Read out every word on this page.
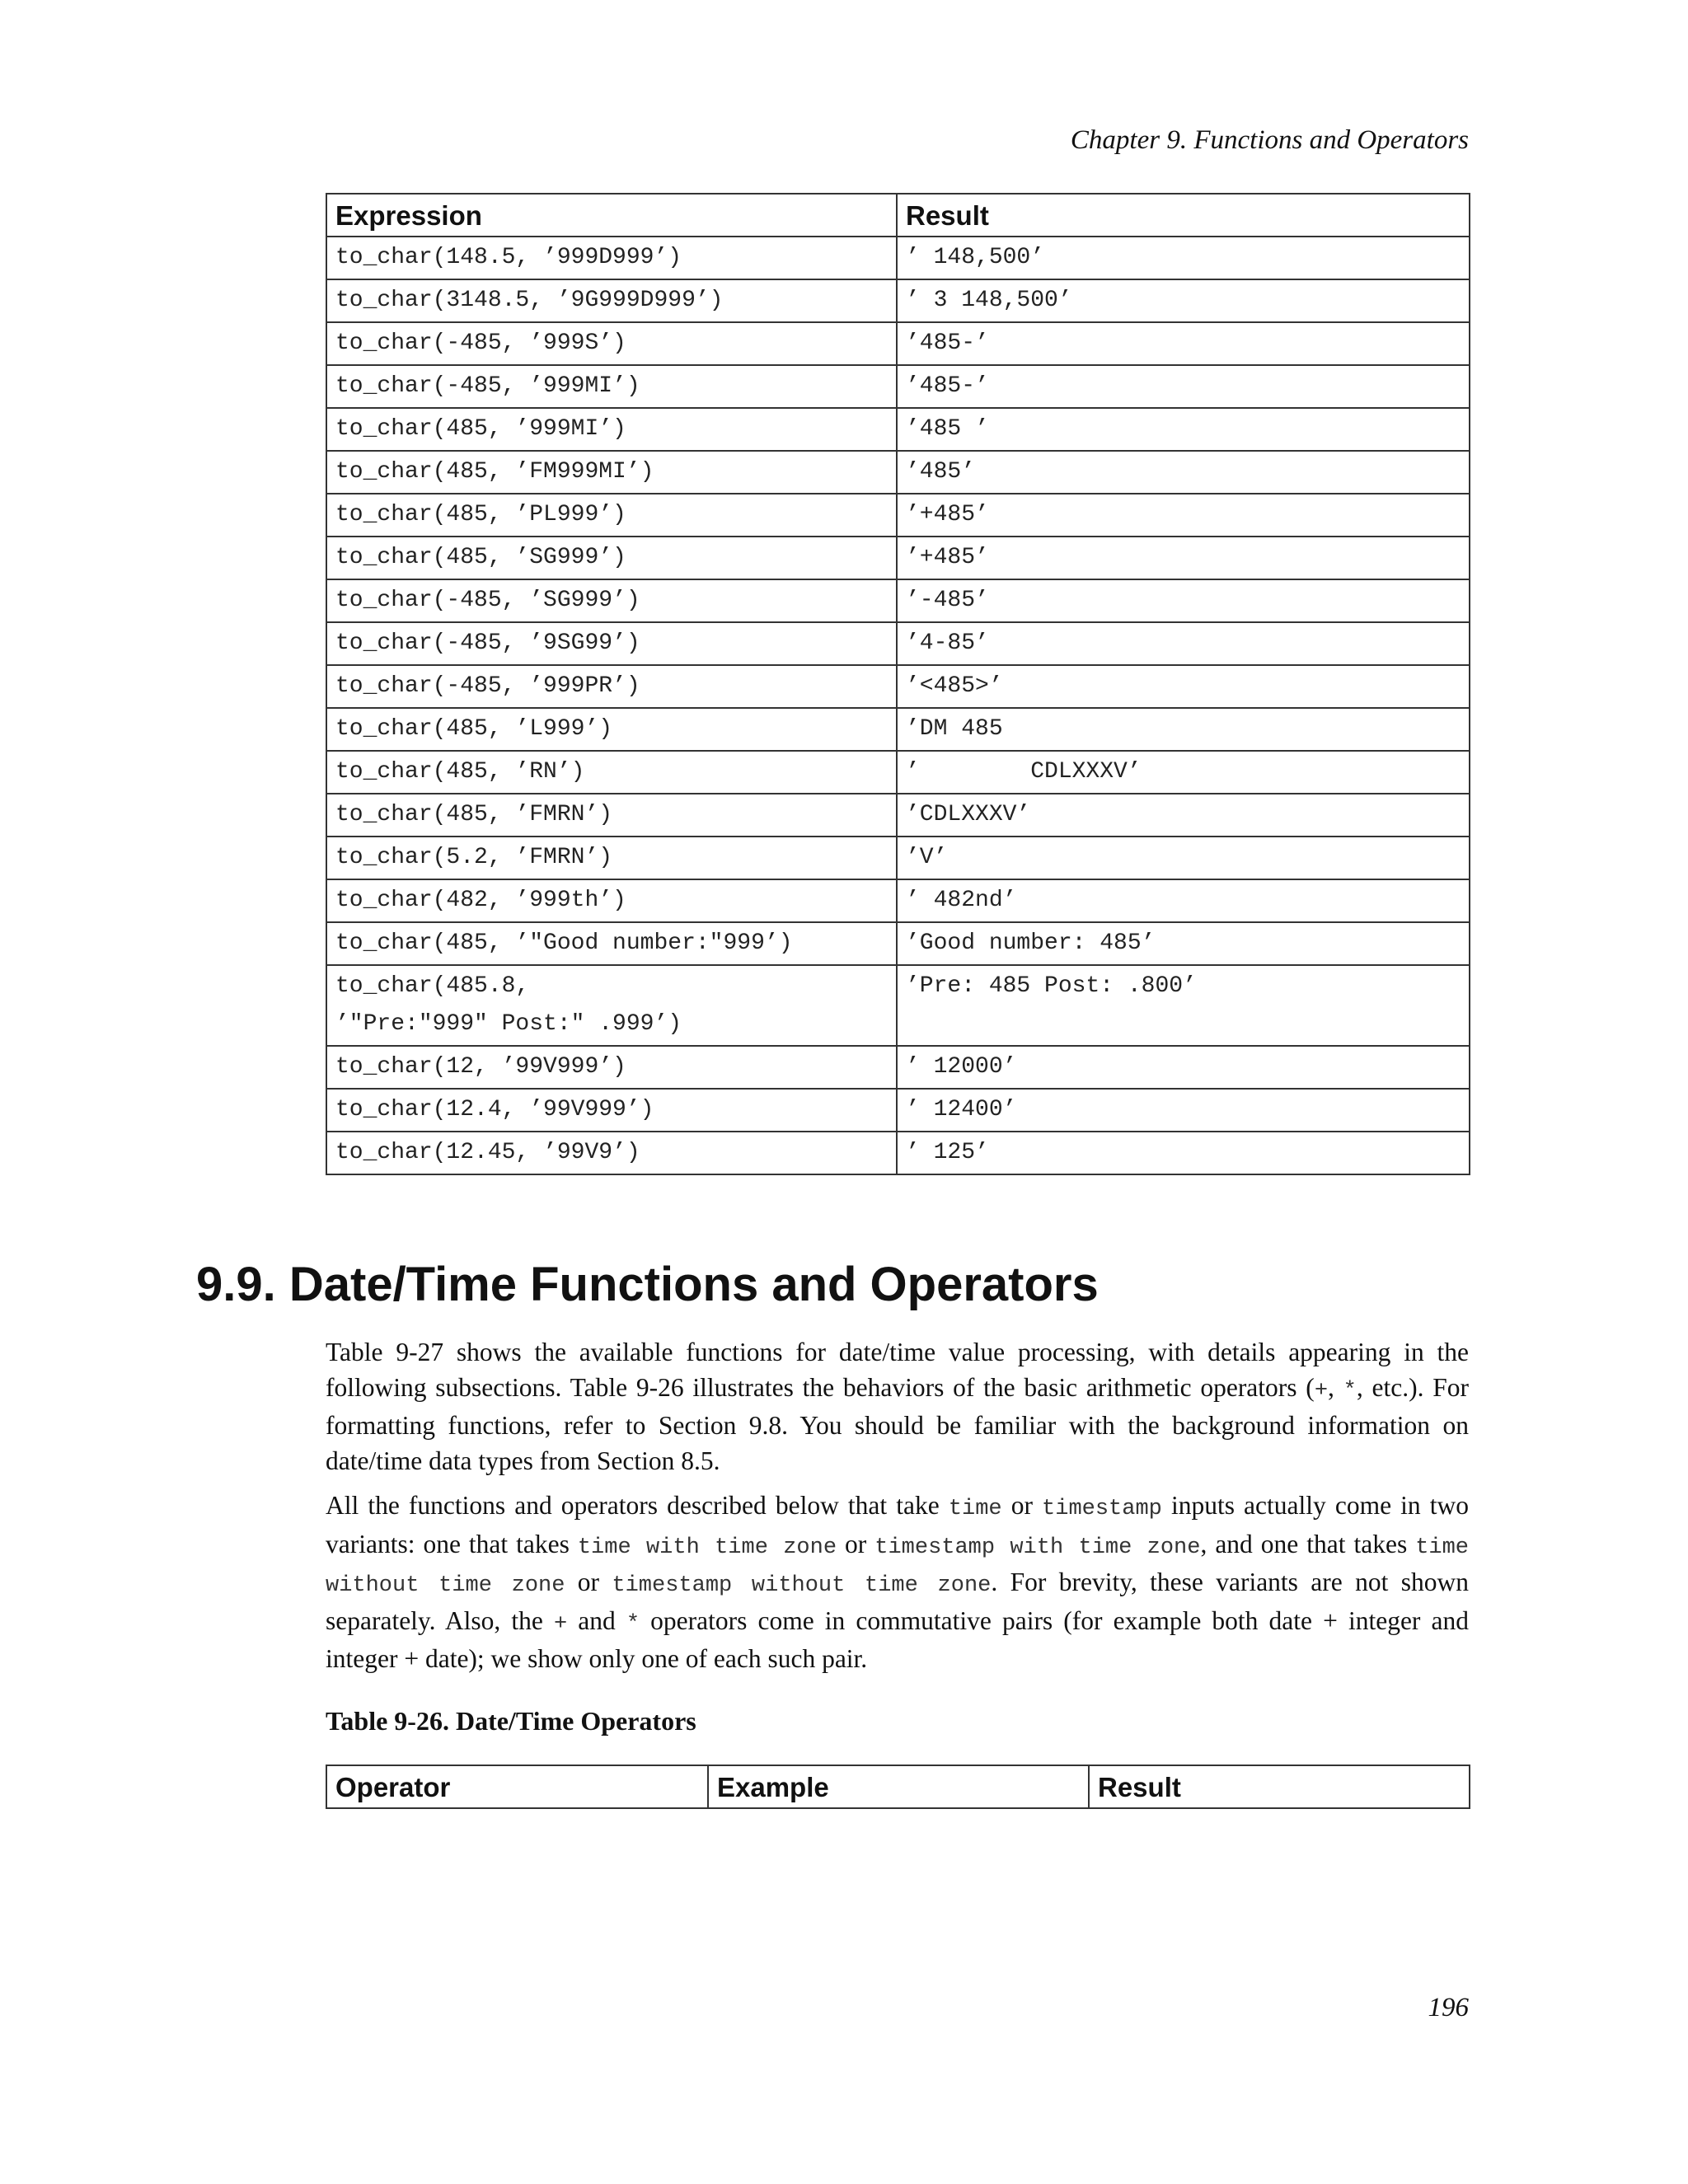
Chapter 9. Functions and Operators
Expression	Result
to_char(148.5, ’999D999’)	’ 148,500’
to_char(3148.5, ’9G999D999’)	’ 3 148,500’
to_char(-485, ’999S’)	’485-’
to_char(-485, ’999MI’)	’485-’
to_char(485, ’999MI’)	’485 ’
to_char(485, ’FM999MI’)	’485’
to_char(485, ’PL999’)	’+485’
to_char(485, ’SG999’)	’+485’
to_char(-485, ’SG999’)	’-485’
to_char(-485, ’9SG99’)	’4-85’
to_char(-485, ’999PR’)	’<485>’
to_char(485, ’L999’)	’DM 485
to_char(485, ’RN’)	’        CDLXXXV’
to_char(485, ’FMRN’)	’CDLXXXV’
to_char(5.2, ’FMRN’)	’V’
to_char(482, ’999th’)	’ 482nd’
to_char(485, ’"Good number:"999’)	’Good number: 485’
to_char(485.8,
’"Pre:"999" Post:" .999’)	’Pre: 485 Post: .800’
to_char(12, ’99V999’)	’ 12000’
to_char(12.4, ’99V999’)	’ 12400’
to_char(12.45, ’99V9’)	’ 125’
9.9. Date/Time Functions and Operators

Table 9-27 shows the available functions for date/time value processing, with details appearing in the following subsections. Table 9-26 illustrates the behaviors of the basic arithmetic operators (+, *, etc.). For formatting functions, refer to Section 9.8. You should be familiar with the background information on date/time data types from Section 8.5.

All the functions and operators described below that take time or timestamp inputs actually come in two variants: one that takes time with time zone or timestamp with time zone, and one that takes time without time zone or timestamp without time zone. For brevity, these variants are not shown separately. Also, the + and * operators come in commutative pairs (for example both date + integer and integer + date); we show only one of each such pair.

Table 9-26. Date/Time Operators
Operator	Example	Result
196
